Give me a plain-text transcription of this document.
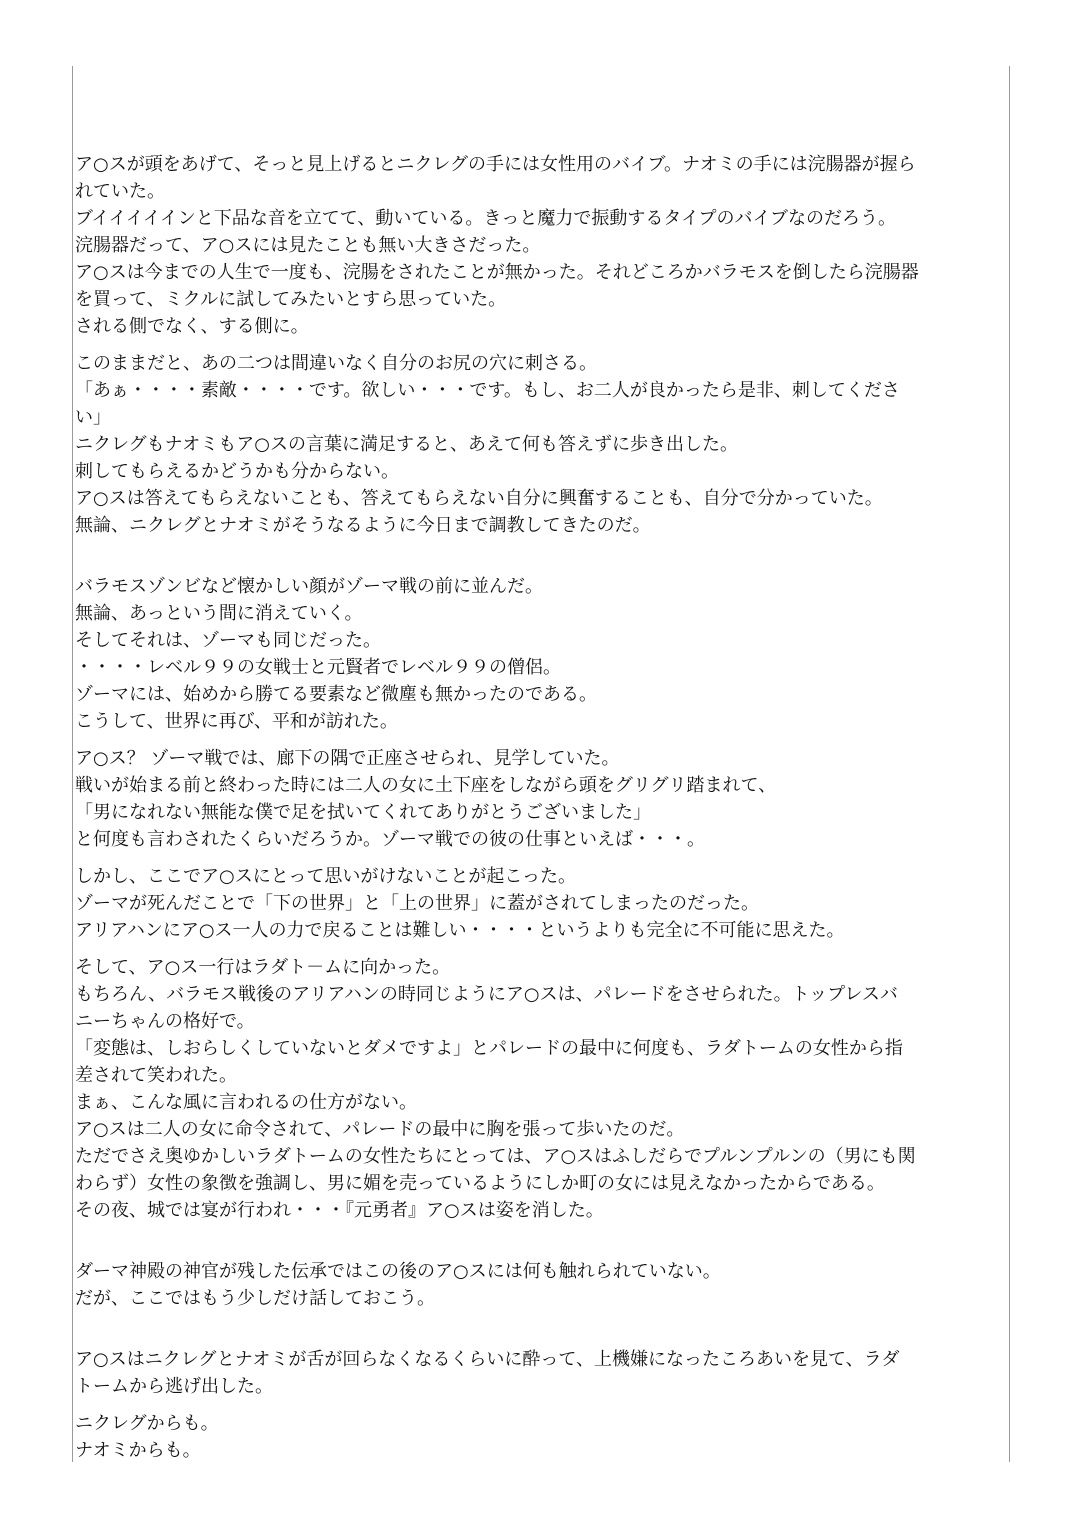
ア○スが頭をあげて、そっと見上げるとニクレグの手には女性用のバイブ。ナオミの手には浣腸器が握ら
れていた。
ブイイイイインと下品な音を立てて、動いている。きっと魔力で振動するタイプのバイブなのだろう。
浣腸器だって、ア○スには見たことも無い大きさだった。
ア○スは今までの人生で一度も、浣腸をされたことが無かった。それどころかバラモスを倒したら浣腸器
を買って、ミクルに試してみたいとすら思っていた。
される側でなく、する側に。

このままだと、あの二つは間違いなく自分のお尻の穴に刺さる。
「あぁ・・・・素敵・・・・です。欲しい・・・です。もし、お二人が良かったら是非、刺してくださ
い」
ニクレグもナオミもア○スの言葉に満足すると、あえて何も答えずに歩き出した。
刺してもらえるかどうかも分からない。
ア○スは答えてもらえないことも、答えてもらえない自分に興奮することも、自分で分かっていた。
無論、ニクレグとナオミがそうなるように今日まで調教してきたのだ。

バラモスゾンビなど懐かしい顔がゾーマ戦の前に並んだ。
無論、あっという間に消えていく。
そしてそれは、ゾーマも同じだった。
・・・・レベル９９の女戦士と元賢者でレベル９９の僧侶。
ゾーマには、始めから勝てる要素など微塵も無かったのである。
こうして、世界に再び、平和が訪れた。

ア○ス？ ゾーマ戦では、廊下の隅で正座させられ、見学していた。
戦いが始まる前と終わった時には二人の女に土下座をしながら頭をグリグリ踏まれて、
「男になれない無能な僕で足を拭いてくれてありがとうございました」
と何度も言わされたくらいだろうか。ゾーマ戦での彼の仕事といえば・・・。

しかし、ここでア○スにとって思いがけないことが起こった。
ゾーマが死んだことで「下の世界」と「上の世界」に蓋がされてしまったのだった。
アリアハンにア○ス一人の力で戻ることは難しい・・・・というよりも完全に不可能に思えた。

そして、ア○ス一行はラダト－ムに向かった。
もちろん、バラモス戦後のアリアハンの時同じようにア○スは、パレードをさせられた。トップレスバ
ニーちゃんの格好で。
「変態は、しおらしくしていないとダメですよ」とパレードの最中に何度も、ラダトームの女性から指
差されて笑われた。
まぁ、こんな風に言われるの仕方がない。
ア○スは二人の女に命令されて、パレードの最中に胸を張って歩いたのだ。
ただでさえ奥ゆかしいラダトームの女性たちにとっては、ア○スはふしだらでプルンプルンの（男にも関
わらず）女性の象徴を強調し、男に媚を売っているようにしか町の女には見えなかったからである。
その夜、城では宴が行われ・・・『元勇者』ア○スは姿を消した。

ダーマ神殿の神官が残した伝承ではこの後のア○スには何も触れられていない。
だが、ここではもう少しだけ話しておこう。

ア○スはニクレグとナオミが舌が回らなくなるくらいに酔って、上機嫌になったころあいを見て、ラダ
トームから逃げ出した。

ニクレグからも。
ナオミからも。
